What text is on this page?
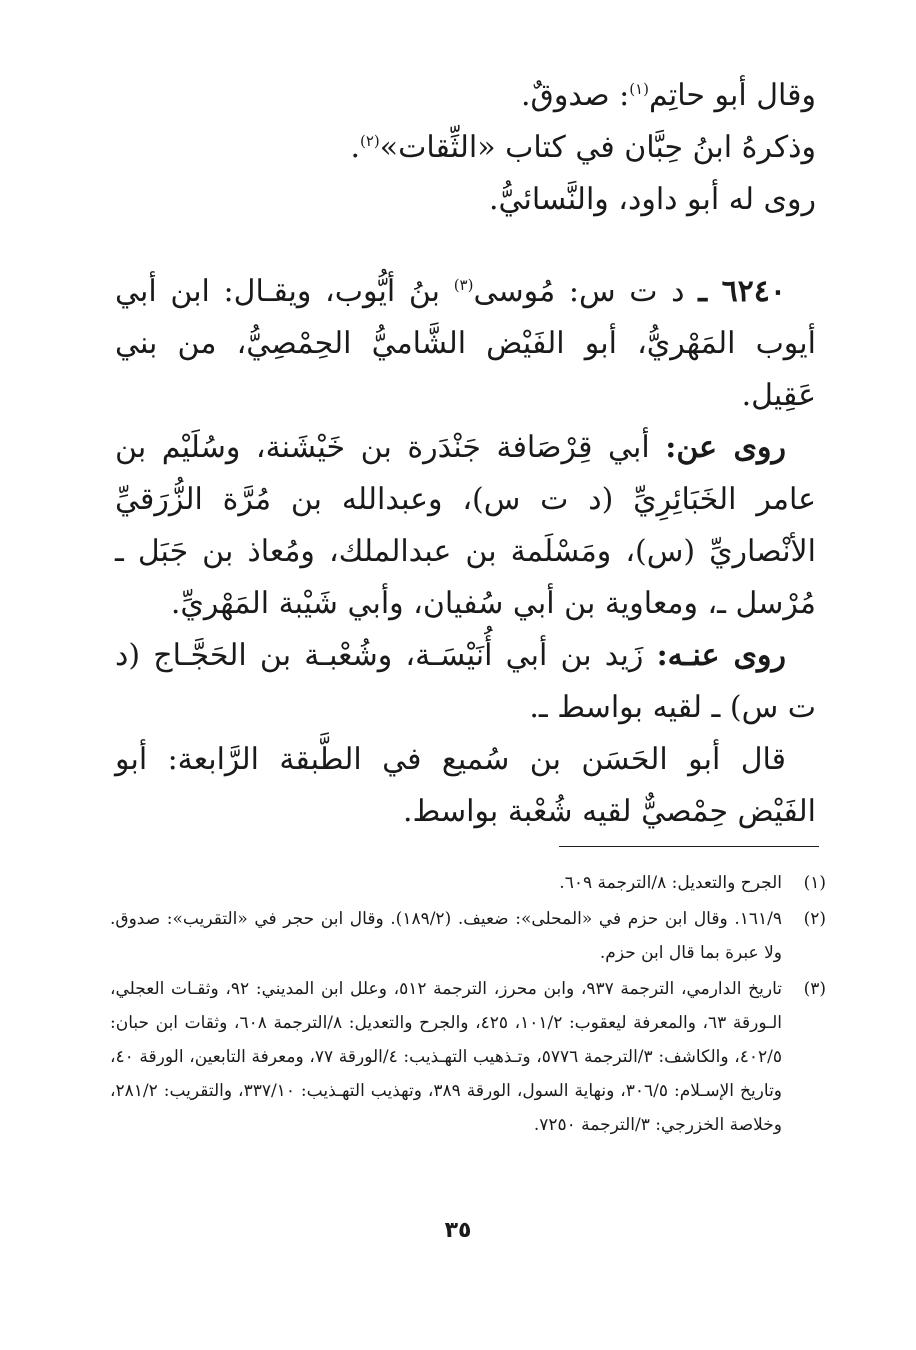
وقال أبو حاتِم$^{(١)}$: صدوقٌ.

وذكرهُ ابنُ حِبَّان في كتاب «الثِّقات»$^{(٢)}$.

روى له أبو داود، والنَّسائيُّ.

٦٢٤٠ ـ د ت س: مُوسى$^{(٣)}$ بنُ أيُّوب، ويقـال: ابن أبي أيوب المَهْريُّ، أبو الفَيْض الشَّاميُّ الحِمْصِيُّ، من بني عَقِيل.

روى عن: أبي قِرْصَافة جَنْدَرة بن خَيْشَنة، وسُلَيْم بن عامر الخَبَائِرِيِّ (د ت س)، وعبدالله بن مُرَّة الزُّرَقيِّ الأنْصاريِّ (س)، ومَسْلَمة بن عبدالملك، ومُعاذ بن جَبَل ـ مُرْسل ـ، ومعاوية بن أبي سُفيان، وأبي شَيْبة المَهْريِّ.

روى عنـه: زَيد بن أبي أُنَيْسَـة، وشُعْبـة بن الحَجَّـاج (د ت س) ـ لقيه بواسط ـ.

قال أبو الحَسَن بن سُميع في الطَّبقة الرَّابعة: أبو الفَيْض حِمْصيٌّ لقيه شُعْبة بواسط.

(١)
الجرح والتعديل: ٨/الترجمة ٦٠٩.
(٢)
١٦١/٩. وقال ابن حزم في «المحلى»: ضعيف. (١٨٩/٢). وقال ابن حجر في «التقريب»: صدوق. ولا عبرة بما قال ابن حزم.
(٣)
تاريخ الدارمي، الترجمة ٩٣٧، وابن محرز، الترجمة ٥١٢، وعلل ابن المديني: ٩٢، وثقـات العجلي، الـورقة ٦٣، والمعرفة ليعقوب: ١٠١/٢، ٤٢٥، والجرح والتعديل: ٨/الترجمة ٦٠٨، وثقات ابن حبان: ٤٠٢/٥، والكاشف: ٣/الترجمة ٥٧٧٦، وتـذهيب التهـذيب: ٤/الورقة ٧٧، ومعرفة التابعين، الورقة ٤٠، وتاريخ الإسـلام: ٣٠٦/٥، ونهاية السول، الورقة ٣٨٩، وتهذيب التهـذيب: ٣٣٧/١٠، والتقريب: ٢٨١/٢، وخلاصة الخزرجي: ٣/الترجمة ٧٢٥٠.
٣٥
